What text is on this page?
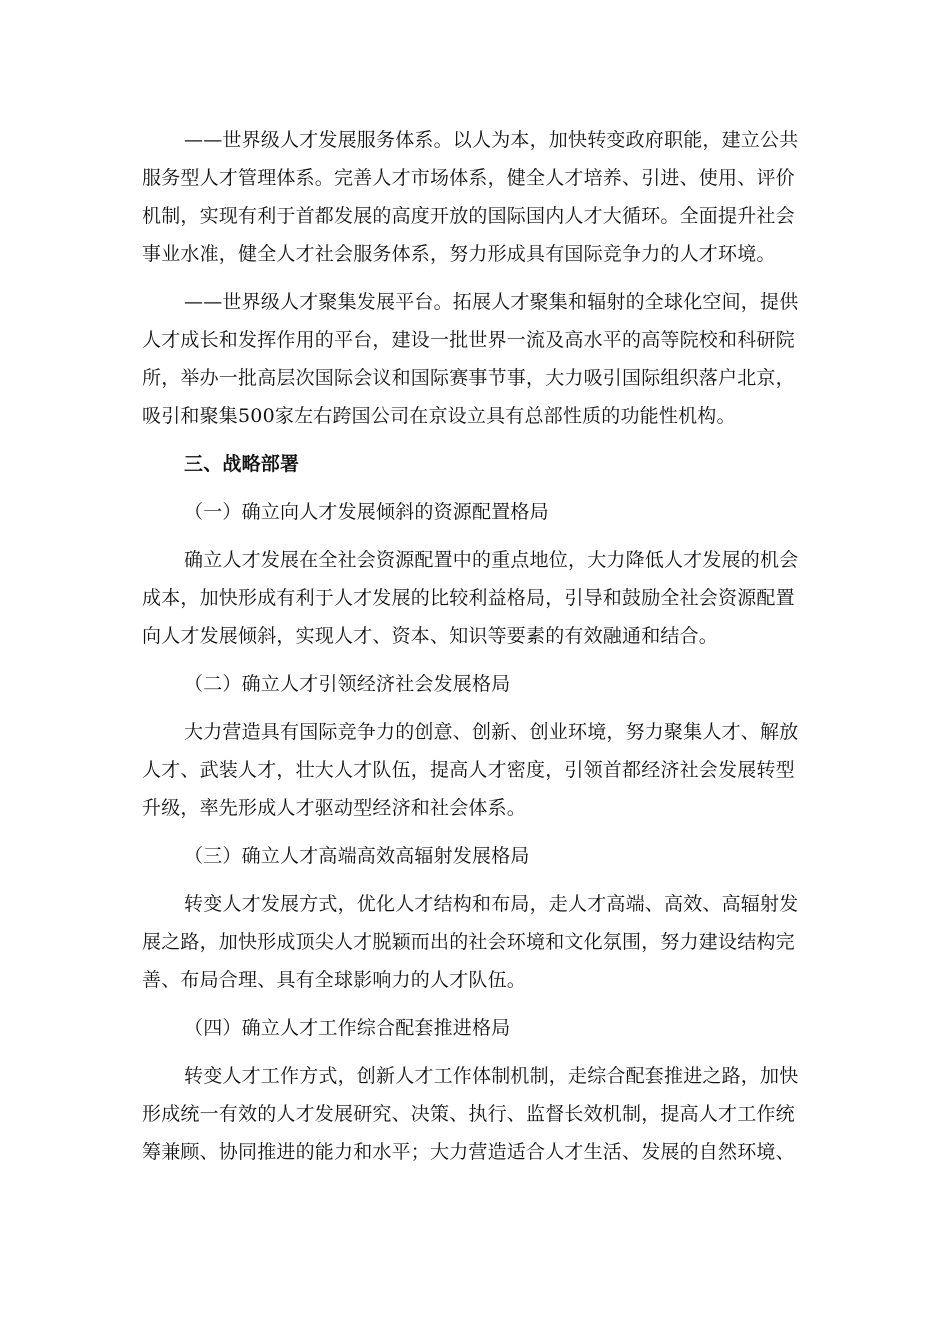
——世界级人才发展服务体系。以人为本，加快转变政府职能，建立公共
服务型人才管理体系。完善人才市场体系，健全人才培养、引进、使用、评价
机制，实现有利于首都发展的高度开放的国际国内人才大循环。全面提升社会
事业水准，健全人才社会服务体系，努力形成具有国际竞争力的人才环境。
——世界级人才聚集发展平台。拓展人才聚集和辐射的全球化空间，提供
人才成长和发挥作用的平台，建设一批世界一流及高水平的高等院校和科研院
所，举办一批高层次国际会议和国际赛事节事，大力吸引国际组织落户北京，
吸引和聚集500家左右跨国公司在京设立具有总部性质的功能性机构。
三、战略部署
（一）确立向人才发展倾斜的资源配置格局
确立人才发展在全社会资源配置中的重点地位，大力降低人才发展的机会
成本，加快形成有利于人才发展的比较利益格局，引导和鼓励全社会资源配置
向人才发展倾斜，实现人才、资本、知识等要素的有效融通和结合。
（二）确立人才引领经济社会发展格局
大力营造具有国际竞争力的创意、创新、创业环境，努力聚集人才、解放
人才、武装人才，壮大人才队伍，提高人才密度，引领首都经济社会发展转型
升级，率先形成人才驱动型经济和社会体系。
（三）确立人才高端高效高辐射发展格局
转变人才发展方式，优化人才结构和布局，走人才高端、高效、高辐射发
展之路，加快形成顶尖人才脱颖而出的社会环境和文化氛围，努力建设结构完
善、布局合理、具有全球影响力的人才队伍。
（四）确立人才工作综合配套推进格局
转变人才工作方式，创新人才工作体制机制，走综合配套推进之路，加快
形成统一有效的人才发展研究、决策、执行、监督长效机制，提高人才工作统
筹兼顾、协同推进的能力和水平；大力营造适合人才生活、发展的自然环境、
